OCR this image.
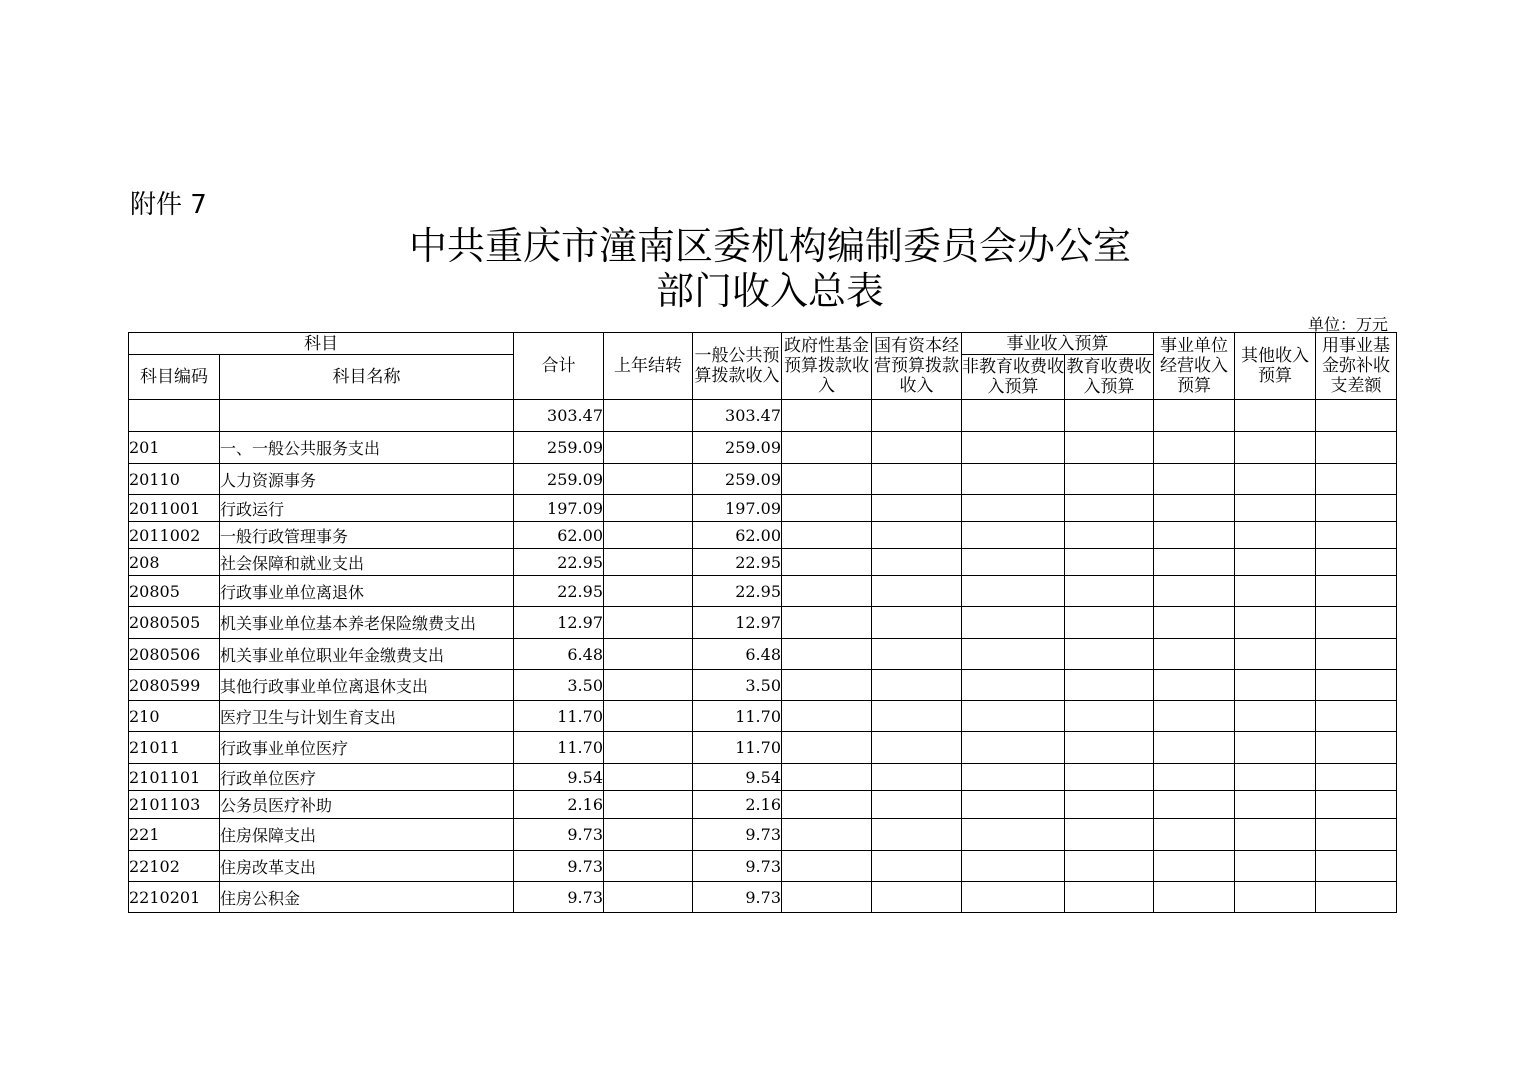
附件 7
中共重庆市潼南区委机构编制委员会办公室
部门收入总表
单位：万元
科目		合计	上年结转	一般公共预算拨款收入	政府性基金预算拨款收入	国有资本经营预算拨款收入	事业收入预算		事业单位经营收入预算	其他收入预算	用事业基金弥补收支差额
科目编码	科目名称						非教育收费收入预算	教育收费收入预算			
		303.47		303.47							
201	一、一般公共服务支出	259.09		259.09							
20110	人力资源事务	259.09		259.09							
2011001	行政运行	197.09		197.09							
2011002	一般行政管理事务	62.00		62.00							
208	社会保障和就业支出	22.95		22.95							
20805	行政事业单位离退休	22.95		22.95							
2080505	机关事业单位基本养老保险缴费支出	12.97		12.97							
2080506	机关事业单位职业年金缴费支出	6.48		6.48							
2080599	其他行政事业单位离退休支出	3.50		3.50							
210	医疗卫生与计划生育支出	11.70		11.70							
21011	行政事业单位医疗	11.70		11.70							
2101101	行政单位医疗	9.54		9.54							
2101103	公务员医疗补助	2.16		2.16							
221	住房保障支出	9.73		9.73							
22102	住房改革支出	9.73		9.73							
2210201	住房公积金	9.73		9.73							
